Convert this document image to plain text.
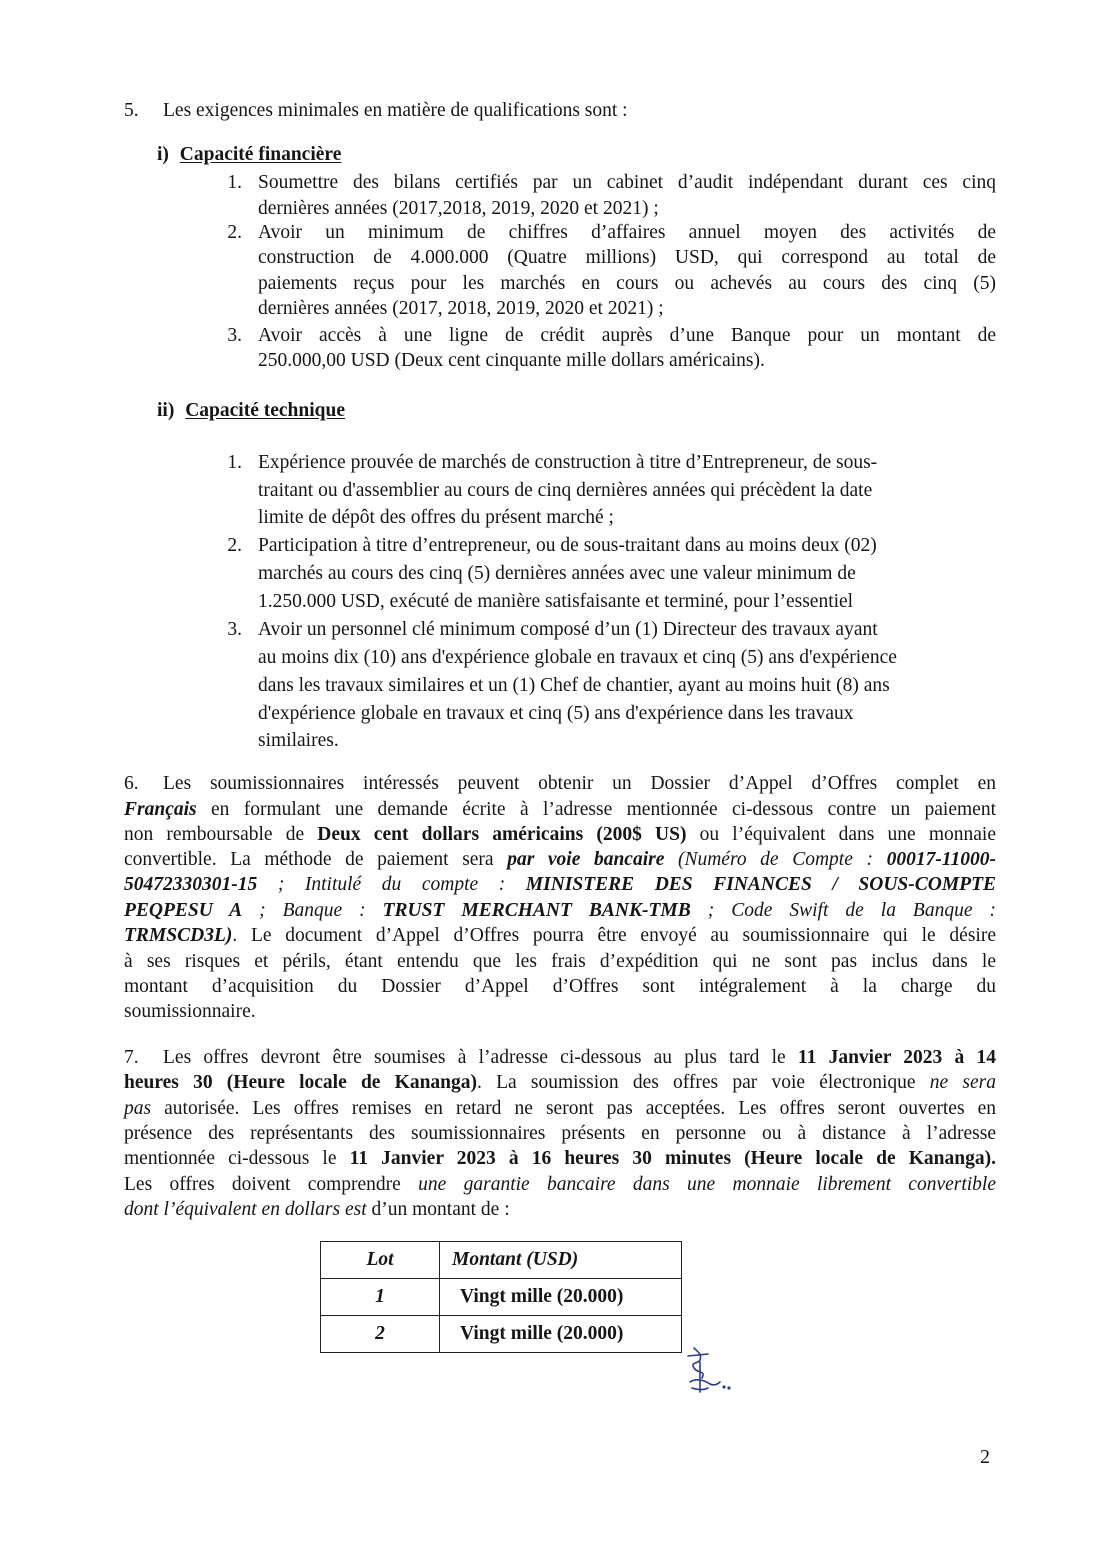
5. Les exigences minimales en matière de qualifications sont :
i) Capacité financière
1. Soumettre des bilans certifiés par un cabinet d’audit indépendant durant ces cinq
dernières années (2017,2018, 2019, 2020 et 2021) ;
2. Avoir un minimum de chiffres d’affaires annuel moyen des activités de
construction de 4.000.000 (Quatre millions) USD, qui correspond au total de
paiements reçus pour les marchés en cours ou achevés au cours des cinq (5)
dernières années (2017, 2018, 2019, 2020 et 2021) ;
3. Avoir accès à une ligne de crédit auprès d’une Banque pour un montant de
250.000,00 USD (Deux cent cinquante mille dollars américains).
ii) Capacité technique
1. Expérience prouvée de marchés de construction à titre d’Entrepreneur, de sous-
traitant ou d'assemblier au cours de cinq dernières années qui précèdent la date
limite de dépôt des offres du présent marché ;
2. Participation à titre d’entrepreneur, ou de sous-traitant dans au moins deux (02)
marchés au cours des cinq (5) dernières années avec une valeur minimum de
1.250.000 USD, exécuté de manière satisfaisante et terminé, pour l’essentiel
3. Avoir un personnel clé minimum composé d’un (1) Directeur des travaux ayant
au moins dix (10) ans d'expérience globale en travaux et cinq (5) ans d'expérience
dans les travaux similaires et un (1) Chef de chantier, ayant au moins huit (8) ans
d'expérience globale en travaux et cinq (5) ans d'expérience dans les travaux
similaires.
6. Les soumissionnaires intéressés peuvent obtenir un Dossier d’Appel d’Offres complet en
Français en formulant une demande écrite à l’adresse mentionnée ci-dessous contre un paiement
non remboursable de Deux cent dollars américains (200$ US) ou l’équivalent dans une monnaie
convertible. La méthode de paiement sera par voie bancaire (Numéro de Compte : 00017-11000-
50472330301-15 ; Intitulé du compte : MINISTERE DES FINANCES / SOUS-COMPTE
PEQPESU A ; Banque : TRUST MERCHANT BANK-TMB ; Code Swift de la Banque :
TRMSCD3L). Le document d’Appel d’Offres pourra être envoyé au soumissionnaire qui le désire
à ses risques et périls, étant entendu que les frais d’expédition qui ne sont pas inclus dans le
montant d’acquisition du Dossier d’Appel d’Offres sont intégralement à la charge du
soumissionnaire.
7. Les offres devront être soumises à l’adresse ci-dessous au plus tard le 11 Janvier 2023 à 14
heures 30 (Heure locale de Kananga). La soumission des offres par voie électronique ne sera
pas autorisée. Les offres remises en retard ne seront pas acceptées. Les offres seront ouvertes en
présence des représentants des soumissionnaires présents en personne ou à distance à l’adresse
mentionnée ci-dessous le 11 Janvier 2023 à 16 heures 30 minutes (Heure locale de Kananga).
Les offres doivent comprendre une garantie bancaire dans une monnaie librement convertible
dont l’équivalent en dollars est d’un montant de :
Lot	Montant (USD)
1	Vingt mille (20.000)
2	Vingt mille (20.000)
2
